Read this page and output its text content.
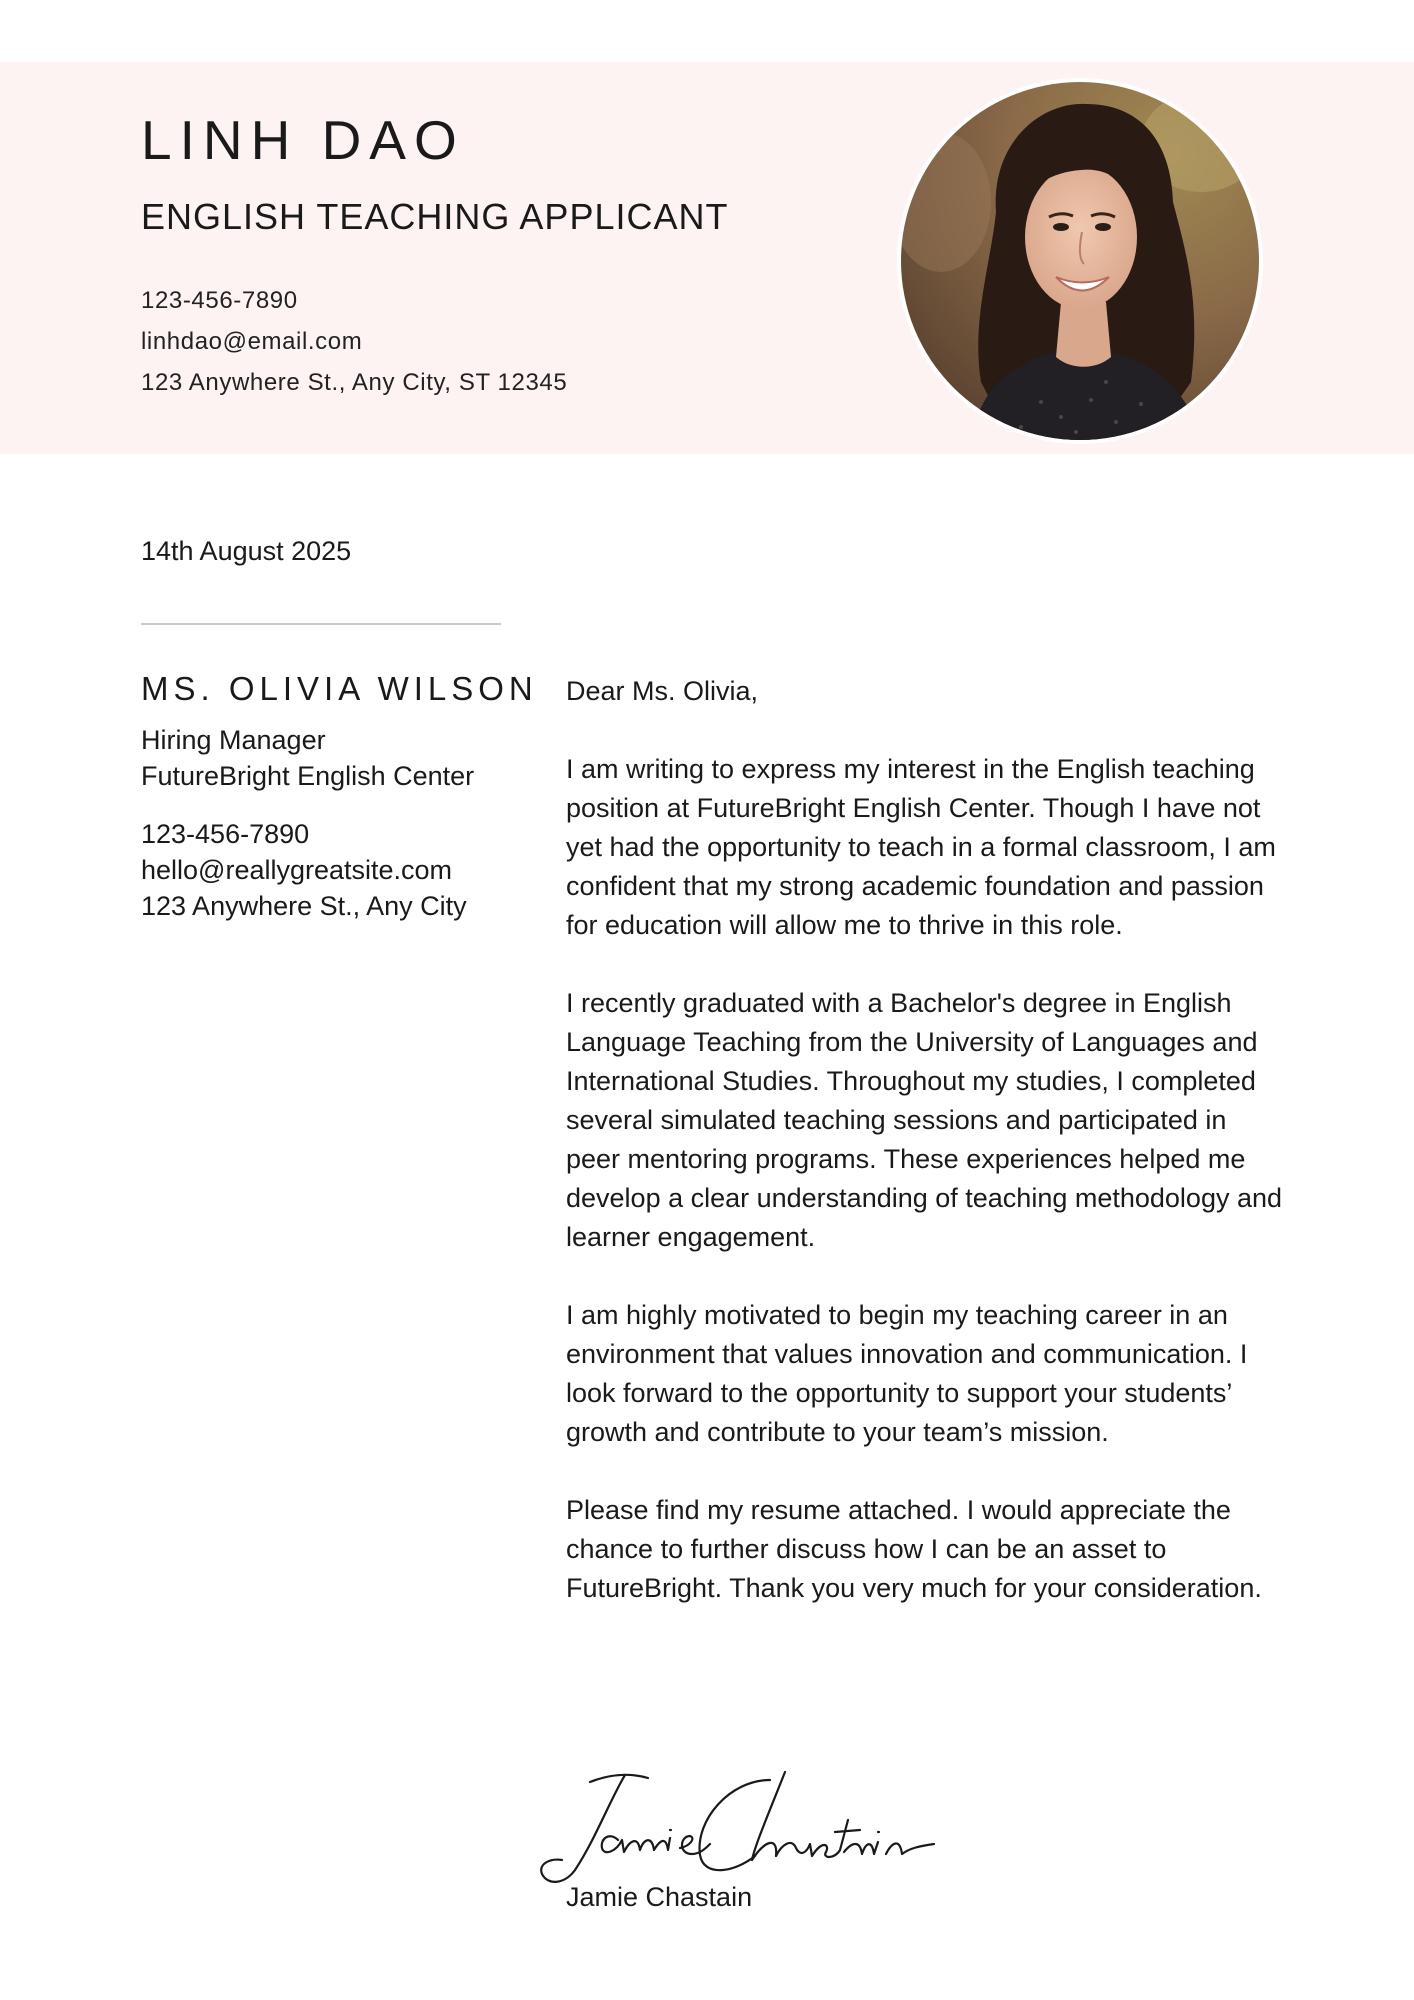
LINH DAO
ENGLISH TEACHING APPLICANT
123-456-7890
linhdao@email.com
123 Anywhere St., Any City, ST 12345
14th August 2025
MS. OLIVIA WILSON
Hiring Manager
FutureBright English Center
123-456-7890
hello@reallygreatsite.com
123 Anywhere St., Any City

Dear Ms. Olivia,

I am writing to express my interest in the English teaching position at FutureBright English Center. Though I have not yet had the opportunity to teach in a formal classroom, I am confident that my strong academic foundation and passion for education will allow me to thrive in this role.

I recently graduated with a Bachelor's degree in English Language Teaching from the University of Languages and International Studies. Throughout my studies, I completed several simulated teaching sessions and participated in peer mentoring programs. These experiences helped me develop a clear understanding of teaching methodology and learner engagement.

I am highly motivated to begin my teaching career in an environment that values innovation and communication. I look forward to the opportunity to support your students’ growth and contribute to your team’s mission.

Please find my resume attached. I would appreciate the chance to further discuss how I can be an asset to FutureBright. Thank you very much for your consideration.

Jamie Chastain
